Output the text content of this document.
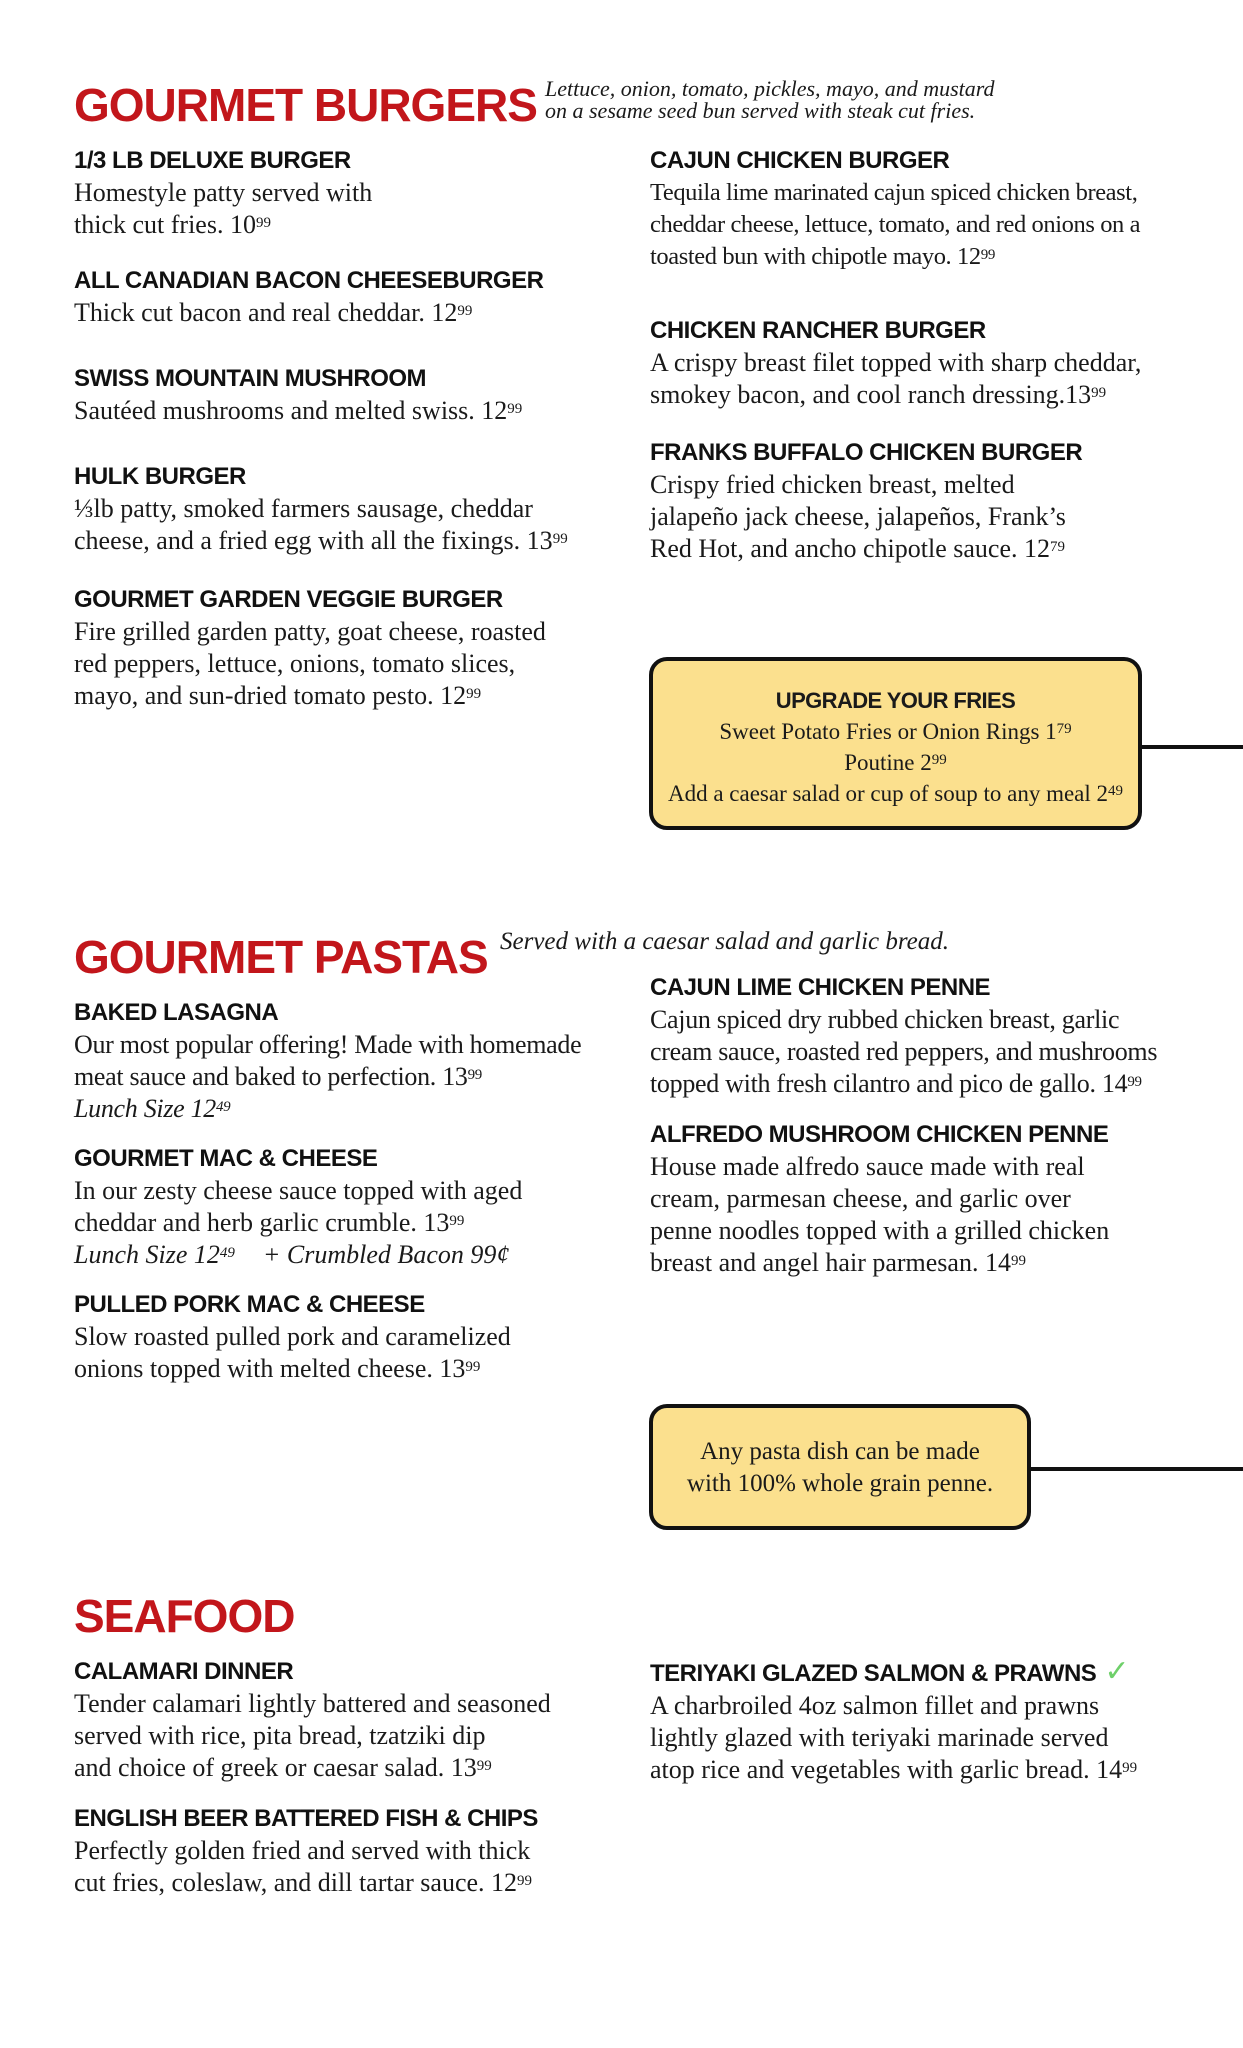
GOURMET BURGERS Lettuce, onion, tomato, pickles, mayo, and mustard
on a sesame seed bun served with steak cut fries.
1/3 LB DELUXE BURGER
Homestyle patty served with
thick cut fries. $10^{99}$
ALL CANADIAN BACON CHEESEBURGER
Thick cut bacon and real cheddar. $12^{99}$
SWISS MOUNTAIN MUSHROOM
Sautéed mushrooms and melted swiss. $12^{99}$
HULK BURGER
⅓lb patty, smoked farmers sausage, cheddar
cheese, and a fried egg with all the fixings. $13^{99}$
GOURMET GARDEN VEGGIE BURGER
Fire grilled garden patty, goat cheese, roasted
red peppers, lettuce, onions, tomato slices,
mayo, and sun-dried tomato pesto. $12^{99}$
CAJUN CHICKEN BURGER
Tequila lime marinated cajun spiced chicken breast,
cheddar cheese, lettuce, tomato, and red onions on a
toasted bun with chipotle mayo. $12^{99}$
CHICKEN RANCHER BURGER
A crispy breast filet topped with sharp cheddar,
smokey bacon, and cool ranch $dressing.13^{99}$
FRANKS BUFFALO CHICKEN BURGER
Crispy fried chicken breast, melted
jalapeño jack cheese, jalapeños, Frank’s
Red Hot, and ancho chipotle sauce. $12^{79}$
UPGRADE YOUR FRIES
Sweet Potato Fries or Onion Rings $1^{79}$
Poutine $2^{99}$
Add a caesar salad or cup of soup to any meal $2^{49}$
GOURMET PASTAS Served with a caesar salad and garlic bread.
BAKED LASAGNA
Our most popular offering! Made with homemade
meat sauce and baked to perfection. $13^{99}$
Lunch Size $12^{49}$
GOURMET MAC & CHEESE
In our zesty cheese sauce topped with aged
cheddar and herb garlic crumble. $13^{99}$
Lunch Size $12^{49}$ + Crumbled Bacon 99¢
PULLED PORK MAC & CHEESE
Slow roasted pulled pork and caramelized
onions topped with melted cheese. $13^{99}$
CAJUN LIME CHICKEN PENNE
Cajun spiced dry rubbed chicken breast, garlic
cream sauce, roasted red peppers, and mushrooms
topped with fresh cilantro and pico de gallo. $14^{99}$
ALFREDO MUSHROOM CHICKEN PENNE
House made alfredo sauce made with real
cream, parmesan cheese, and garlic over
penne noodles topped with a grilled chicken
breast and angel hair parmesan. $14^{99}$
Any pasta dish can be made
with 100% whole grain penne.
SEAFOOD
CALAMARI DINNER
Tender calamari lightly battered and seasoned
served with rice, pita bread, tzatziki dip
and choice of greek or caesar salad. $13^{99}$
ENGLISH BEER BATTERED FISH & CHIPS
Perfectly golden fried and served with thick
cut fries, coleslaw, and dill tartar sauce. $12^{99}$
TERIYAKI GLAZED SALMON & PRAWNS ✓
A charbroiled 4oz salmon fillet and prawns
lightly glazed with teriyaki marinade served
atop rice and vegetables with garlic bread. $14^{99}$
